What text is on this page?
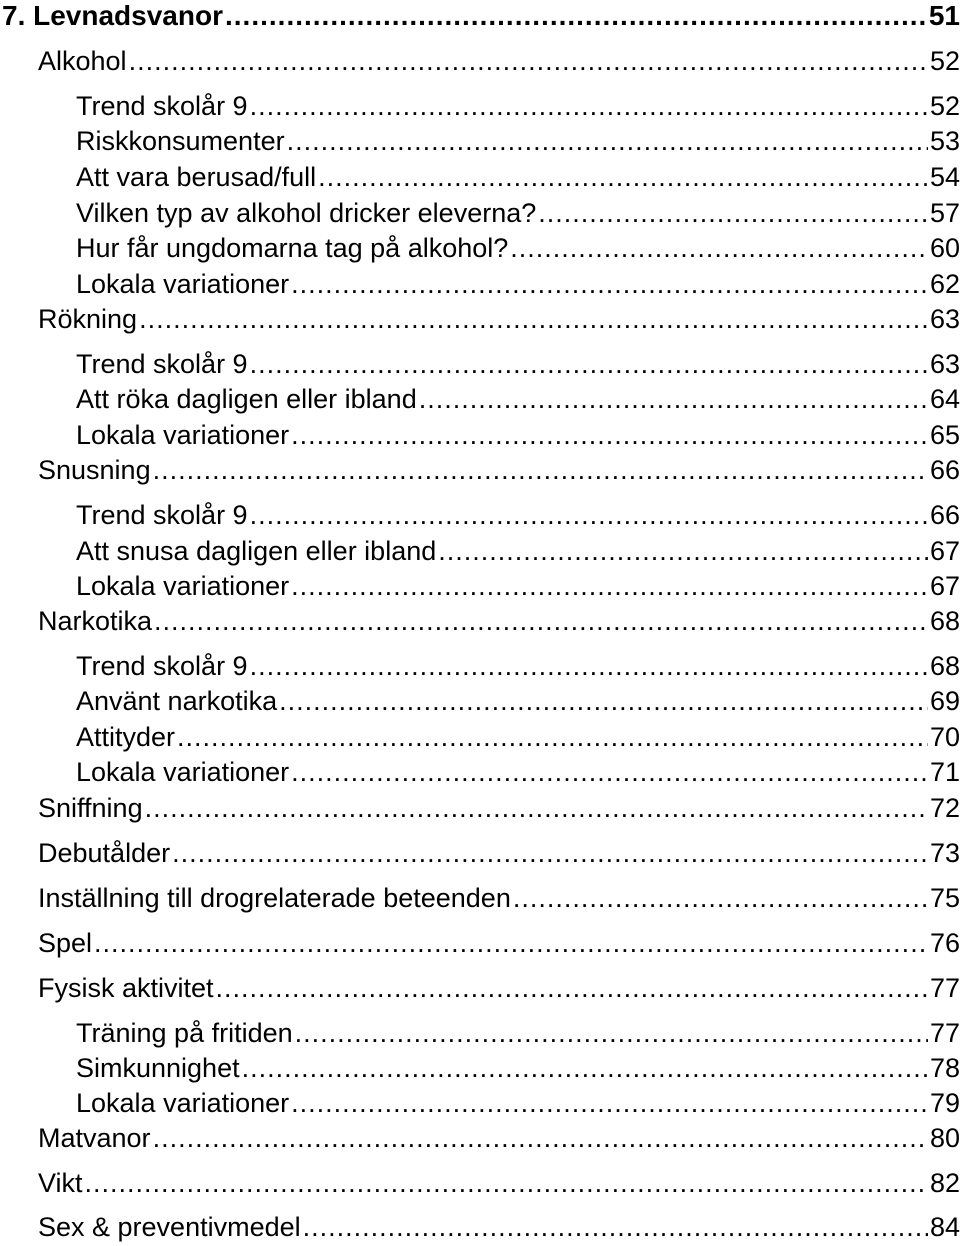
7. Levnadsvanor .....	51
Alkohol .....	52
Trend skolår 9 .....	52
Riskkonsumenter .....	53
Att vara berusad/full .....	54
Vilken typ av alkohol dricker eleverna? .....	57
Hur får ungdomarna tag på alkohol? .....	60
Lokala variationer .....	62
Rökning .....	63
Trend skolår 9 .....	63
Att röka dagligen eller ibland .....	64
Lokala variationer .....	65
Snusning .....	66
Trend skolår 9 .....	66
Att snusa dagligen eller ibland .....	67
Lokala variationer .....	67
Narkotika .....	68
Trend skolår 9 .....	68
Använt narkotika .....	69
Attityder .....	70
Lokala variationer .....	71
Sniffning .....	72
Debutålder .....	73
Inställning till drogrelaterade beteenden .....	75
Spel .....	76
Fysisk aktivitet .....	77
Träning på fritiden .....	77
Simkunnighet .....	78
Lokala variationer .....	79
Matvanor .....	80
Vikt .....	82
Sex & preventivmedel .....	84
